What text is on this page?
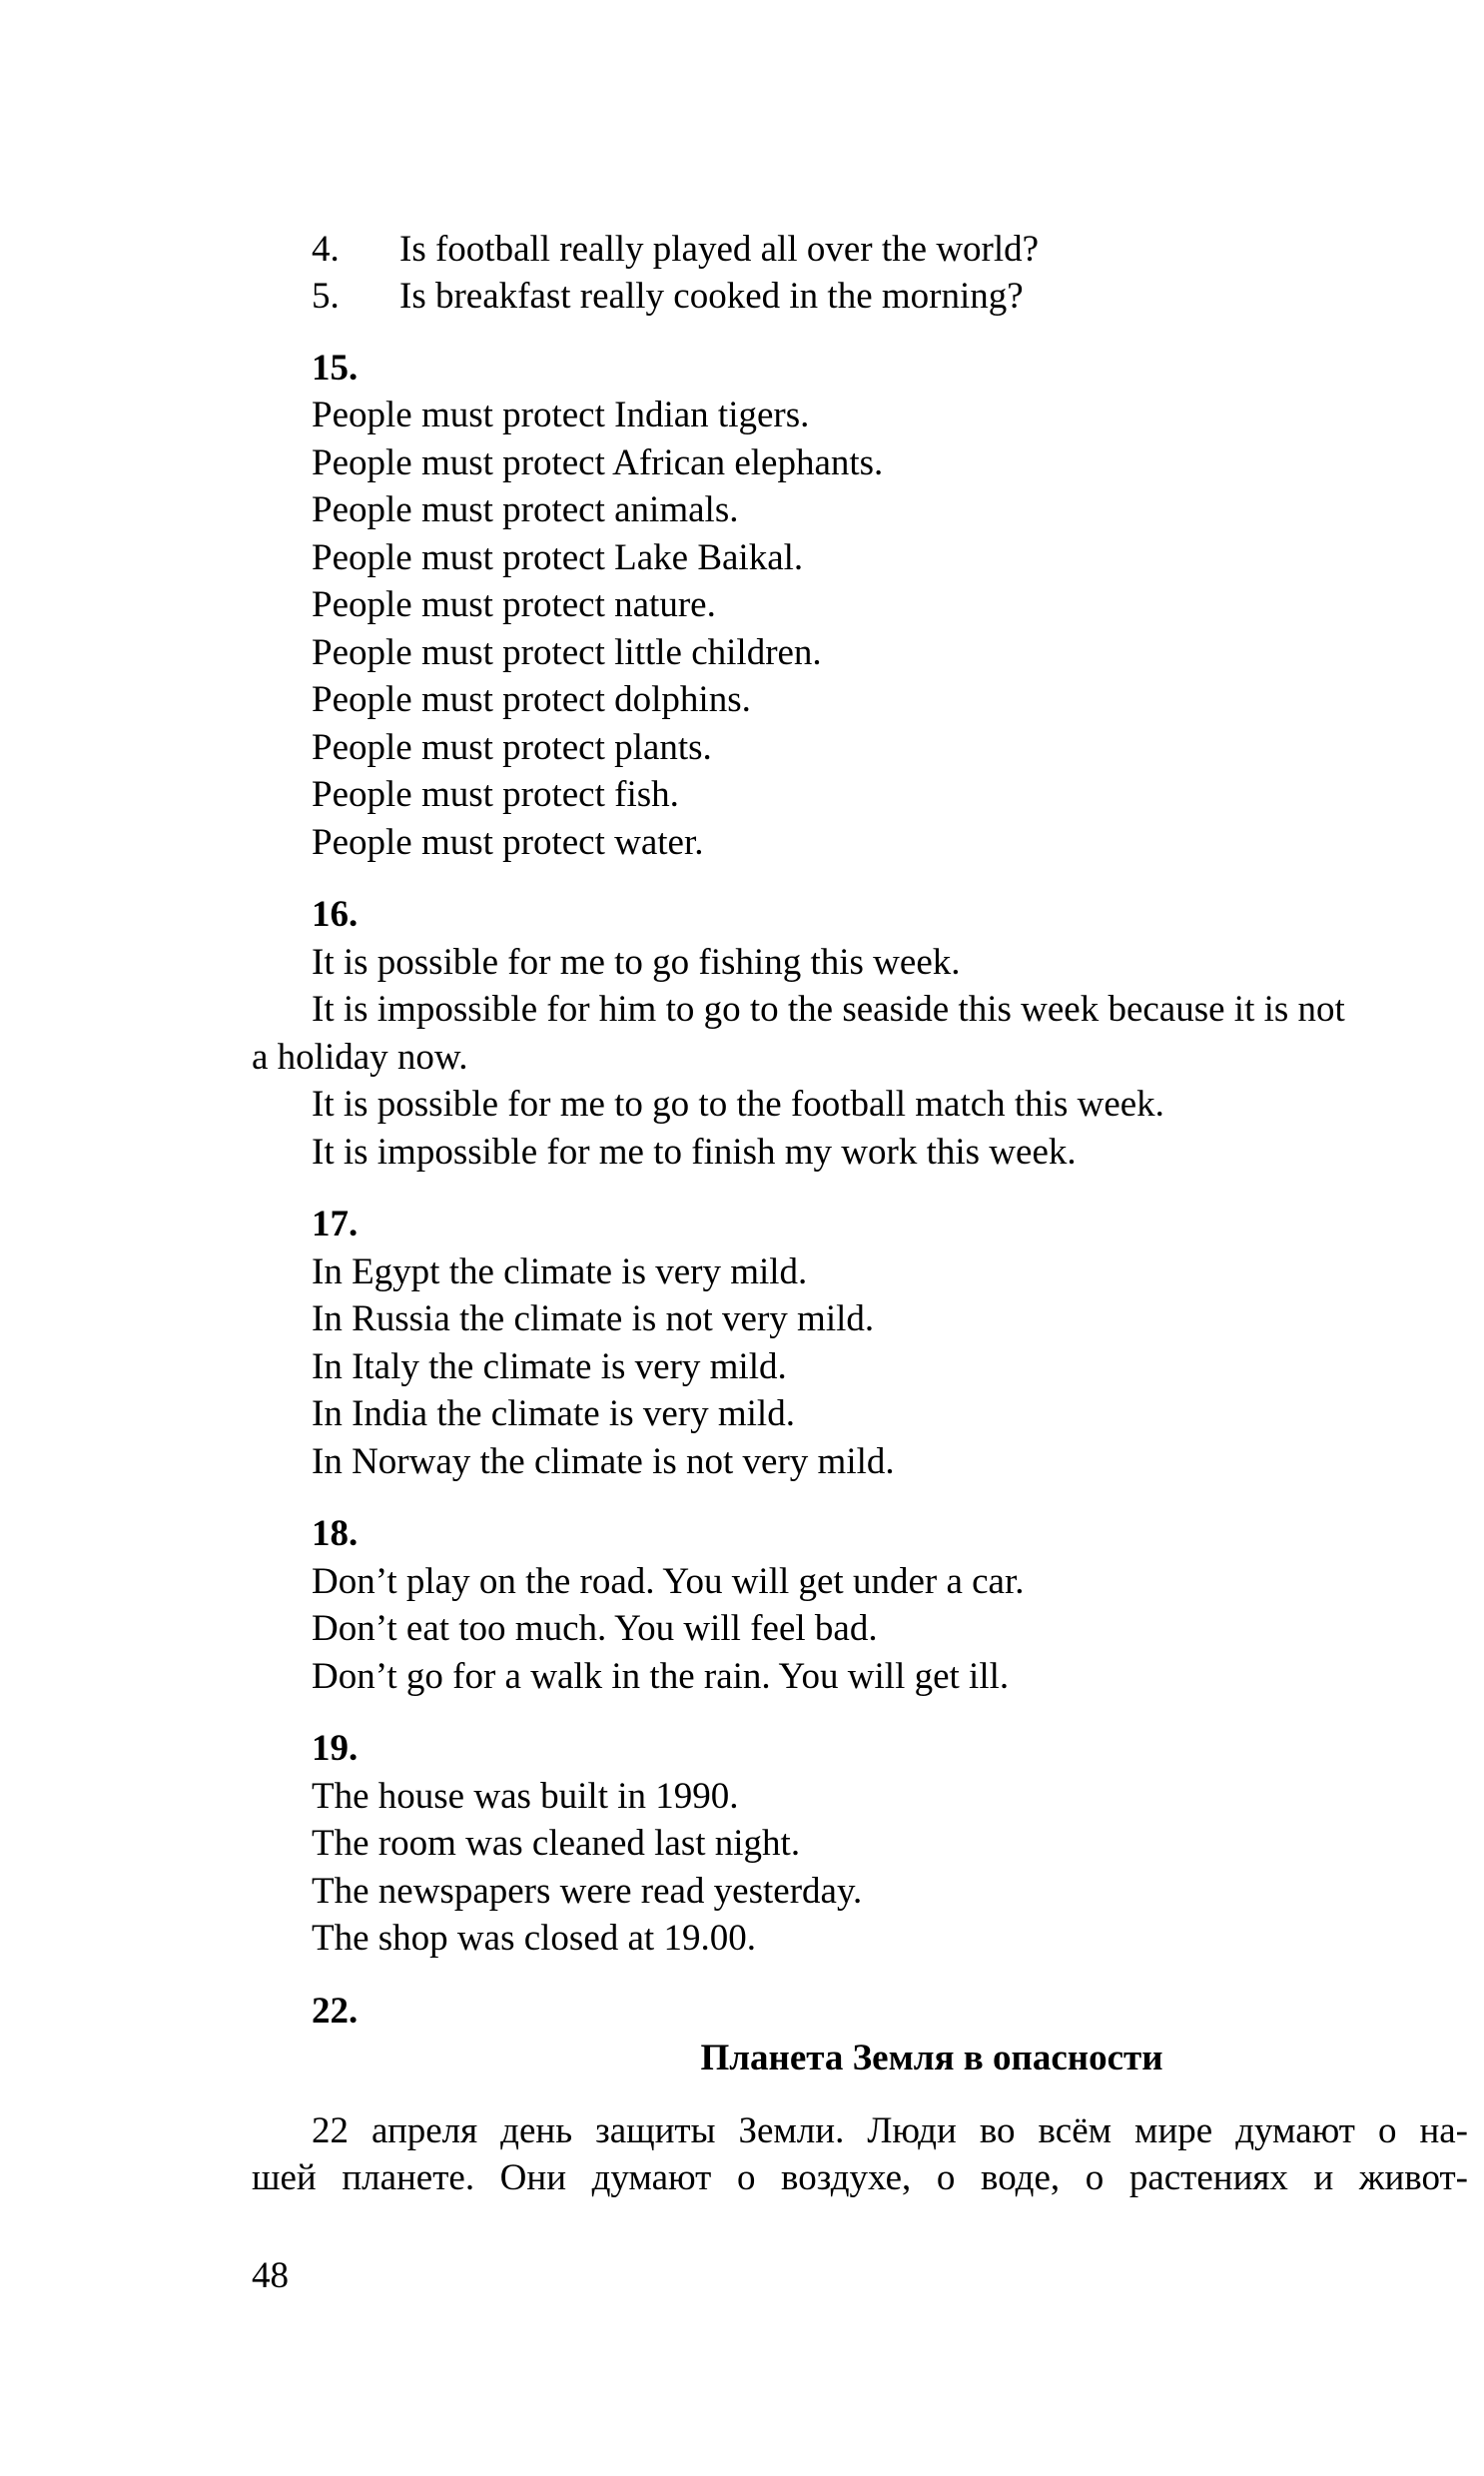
4. Is football really played all over the world?
5. Is breakfast really cooked in the morning?
15.
People must protect Indian tigers.
People must protect African elephants.
People must protect animals.
People must protect Lake Baikal.
People must protect nature.
People must protect little children.
People must protect dolphins.
People must protect plants.
People must protect fish.
People must protect water.
16.
It is possible for me to go fishing this week.
It is impossible for him to go to the seaside this week because it is not
a holiday now.
It is possible for me to go to the football match this week.
It is impossible for me to finish my work this week.
17.
In Egypt the climate is very mild.
In Russia the climate is not very mild.
In Italy the climate is very mild.
In India the climate is very mild.
In Norway the climate is not very mild.
18.
Don’t play on the road. You will get under a car.
Don’t eat too much. You will feel bad.
Don’t go for a walk in the rain. You will get ill.
19.
The house was built in 1990.
The room was cleaned last night.
The newspapers were read yesterday.
The shop was closed at 19.00.
22.
Планета Земля в опасности
22 апреля день защиты Земли. Люди во всём мире думают о на-
шей планете. Они думают о воздухе, о воде, о растениях и живот-
48
